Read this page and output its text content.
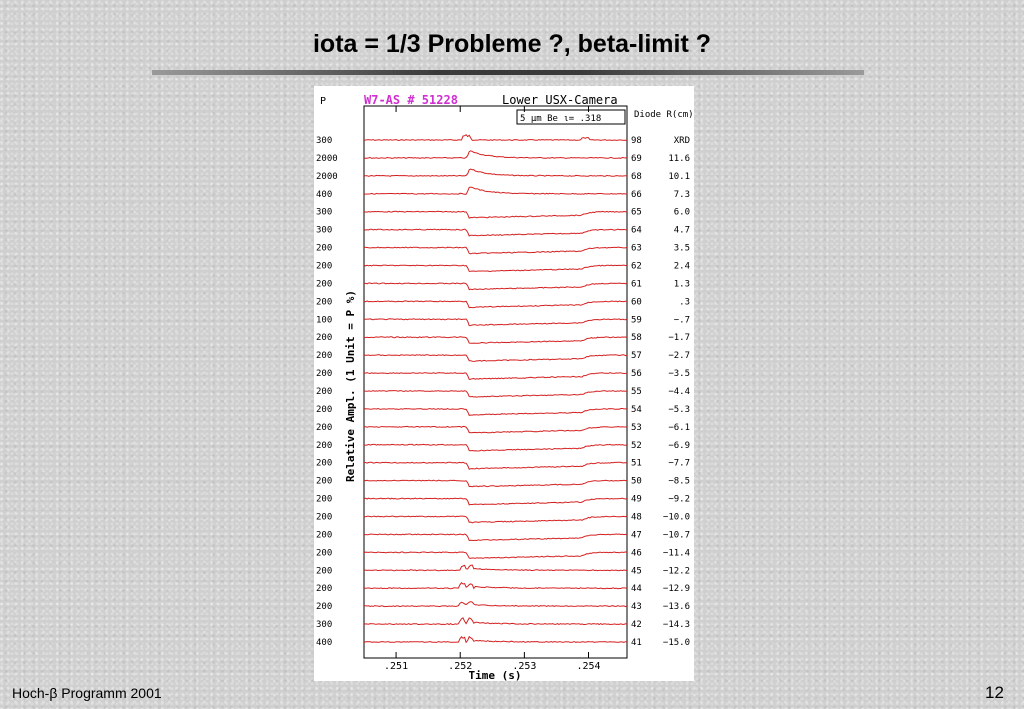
iota = 1/3 Probleme ?, beta-limit ?
P	W7-AS # 51228	Lower USX-Camera
Diode R(cm)
5 μm Be ι= .318
Relative Ampl. (1 Unit = P %)
Time (s)
300	98	XRD
2000	69	11.6
2000	68	10.1
400	66	7.3
300	65	6.0
300	64	4.7
200	63	3.5
200	62	2.4
200	61	1.3
200	60	.3
100	59	−.7
200	58	−1.7
200	57	−2.7
200	56	−3.5
200	55	−4.4
200	54	−5.3
200	53	−6.1
200	52	−6.9
200	51	−7.7
200	50	−8.5
200	49	−9.2
200	48 −10.0
200	47 −10.7
200	46 −11.4
200	45 −12.2
200	44 −12.9
200	43 −13.6
300	42 −14.3
400	41 −15.0
.251	.252	.253	.254
Hoch-β Programm 2001	12
